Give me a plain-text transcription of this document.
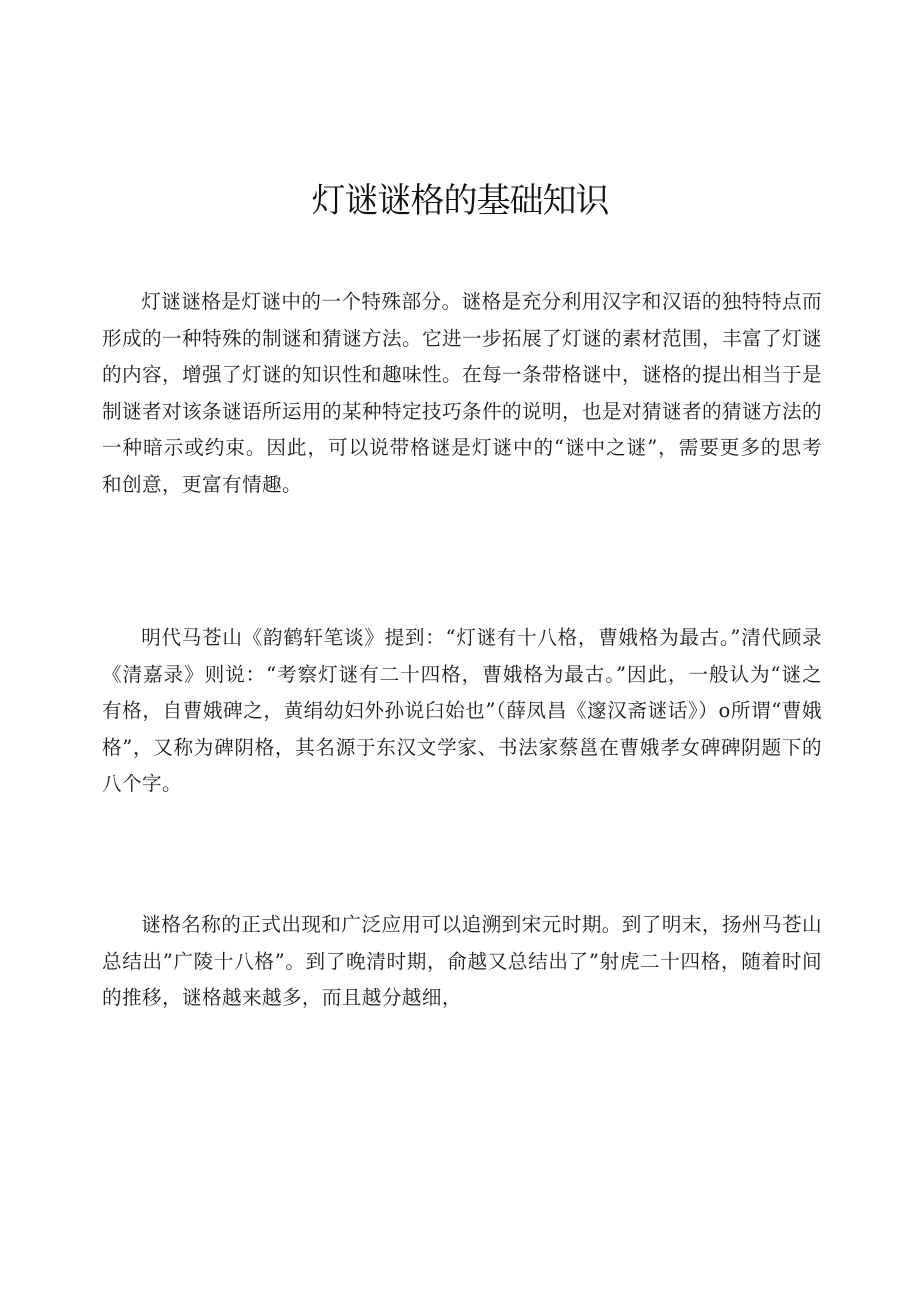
灯谜谜格的基础知识

灯谜谜格是灯谜中的一个特殊部分。谜格是充分利用汉字和汉语的独特特点而形成的一种特殊的制谜和猜谜方法。它进一步拓展了灯谜的素材范围，丰富了灯谜的内容，增强了灯谜的知识性和趣味性。在每一条带格谜中，谜格的提出相当于是制谜者对该条谜语所运用的某种特定技巧条件的说明，也是对猜谜者的猜谜方法的一种暗示或约束。因此，可以说带格谜是灯谜中的“谜中之谜”，需要更多的思考和创意，更富有情趣。

明代马苍山《韵鹤轩笔谈》提到：“灯谜有十八格，曹娥格为最古。”清代顾录《清嘉录》则说：“考察灯谜有二十四格，曹娥格为最古。”因此，一般认为“谜之有格，自曹娥碑之，黄绢幼妇外孙说臼始也”（薛凤昌《邃汉斋谜话》）o所谓“曹娥格”，又称为碑阴格，其名源于东汉文学家、书法家蔡邕在曹娥孝女碑碑阴题下的八个字。

谜格名称的正式出现和广泛应用可以追溯到宋元时期。到了明末，扬州马苍山总结出”广陵十八格”。到了晚清时期，俞越又总结出了”射虎二十四格，随着时间的推移，谜格越来越多，而且越分越细，
